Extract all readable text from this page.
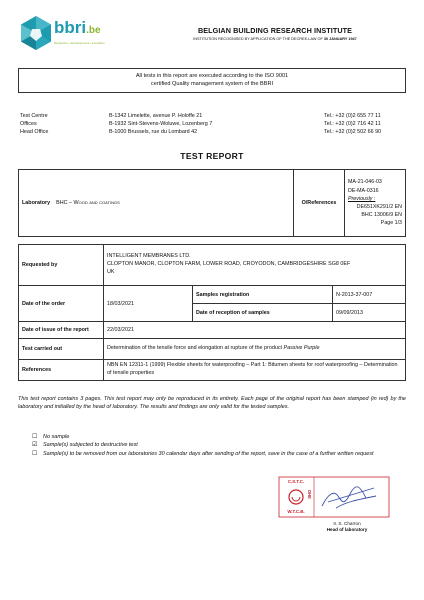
bbri.be
Recherche • développement • innovation
BELGIAN BUILDING RESEARCH INSTITUTE
INSTITUTION RECOGNISED BY APPLICATION OF THE DECREE-LAW OF 30 JANUARY 1947
All tests in this report are executed according to the ISO 9001
certified Quality management system of the BBRI
Test Centre	B-1342 Limelette, avenue P. Holoffe 21	Tel.: +32 (0)2 655 77 11
Offices	B-1932 Sint-Stevens-Woluwe, Lozenberg 7	Tel.: +32 (0)2 716 42 11
Head Office	B-1000 Brussels, rue du Lombard 42	Tel.: +32 (0)2 502 66 90
TEST REPORT
Laboratory BHC – Wood and coatings	O/References	
MA-21-046-03
DE-MA-0316
Previously :
DE651XK291/2 EN
BHC 13006/9 EN
Page 1/3
Requested by	INTELLIGENT MEMBRANES LTD.
CLOPTON MANOR, CLOPTON FARM, LOWER ROAD, CROYODON, CAMBRIDGESHIRE SG8 0EF
UK		

Date of the order	18/03/2021	Samples registration	N-2013-37-007
		Date of reception of samples	09/09/2013
Date of issue of the report	22/03/2021		
Test carried out	Determination of the tensile force and elongation at rupture of the product Passive Purple		
References	NBN EN 12311-1 (1999) Flexible sheets for waterproofing – Part 1: Bitumen sheets for roof waterproofing – Determination of tensile properties		
This test report contains 3 pages. This test report may only be reproduced in its entirety. Each page of the original report has been stamped (in red) by the laboratory and initialled by the head of laboratory. The results and findings are only valid for the tested samples.
☐	No sample
☑	Sample(s) subjected to destructive test
☐	Sample(s) to be removed from our laboratories 30 calendar days after sending of the report, save in the case of a further written request
C.S.T.C.
W.T.C.B.
DHE
Ir. S. Charron
Head of laboratory
